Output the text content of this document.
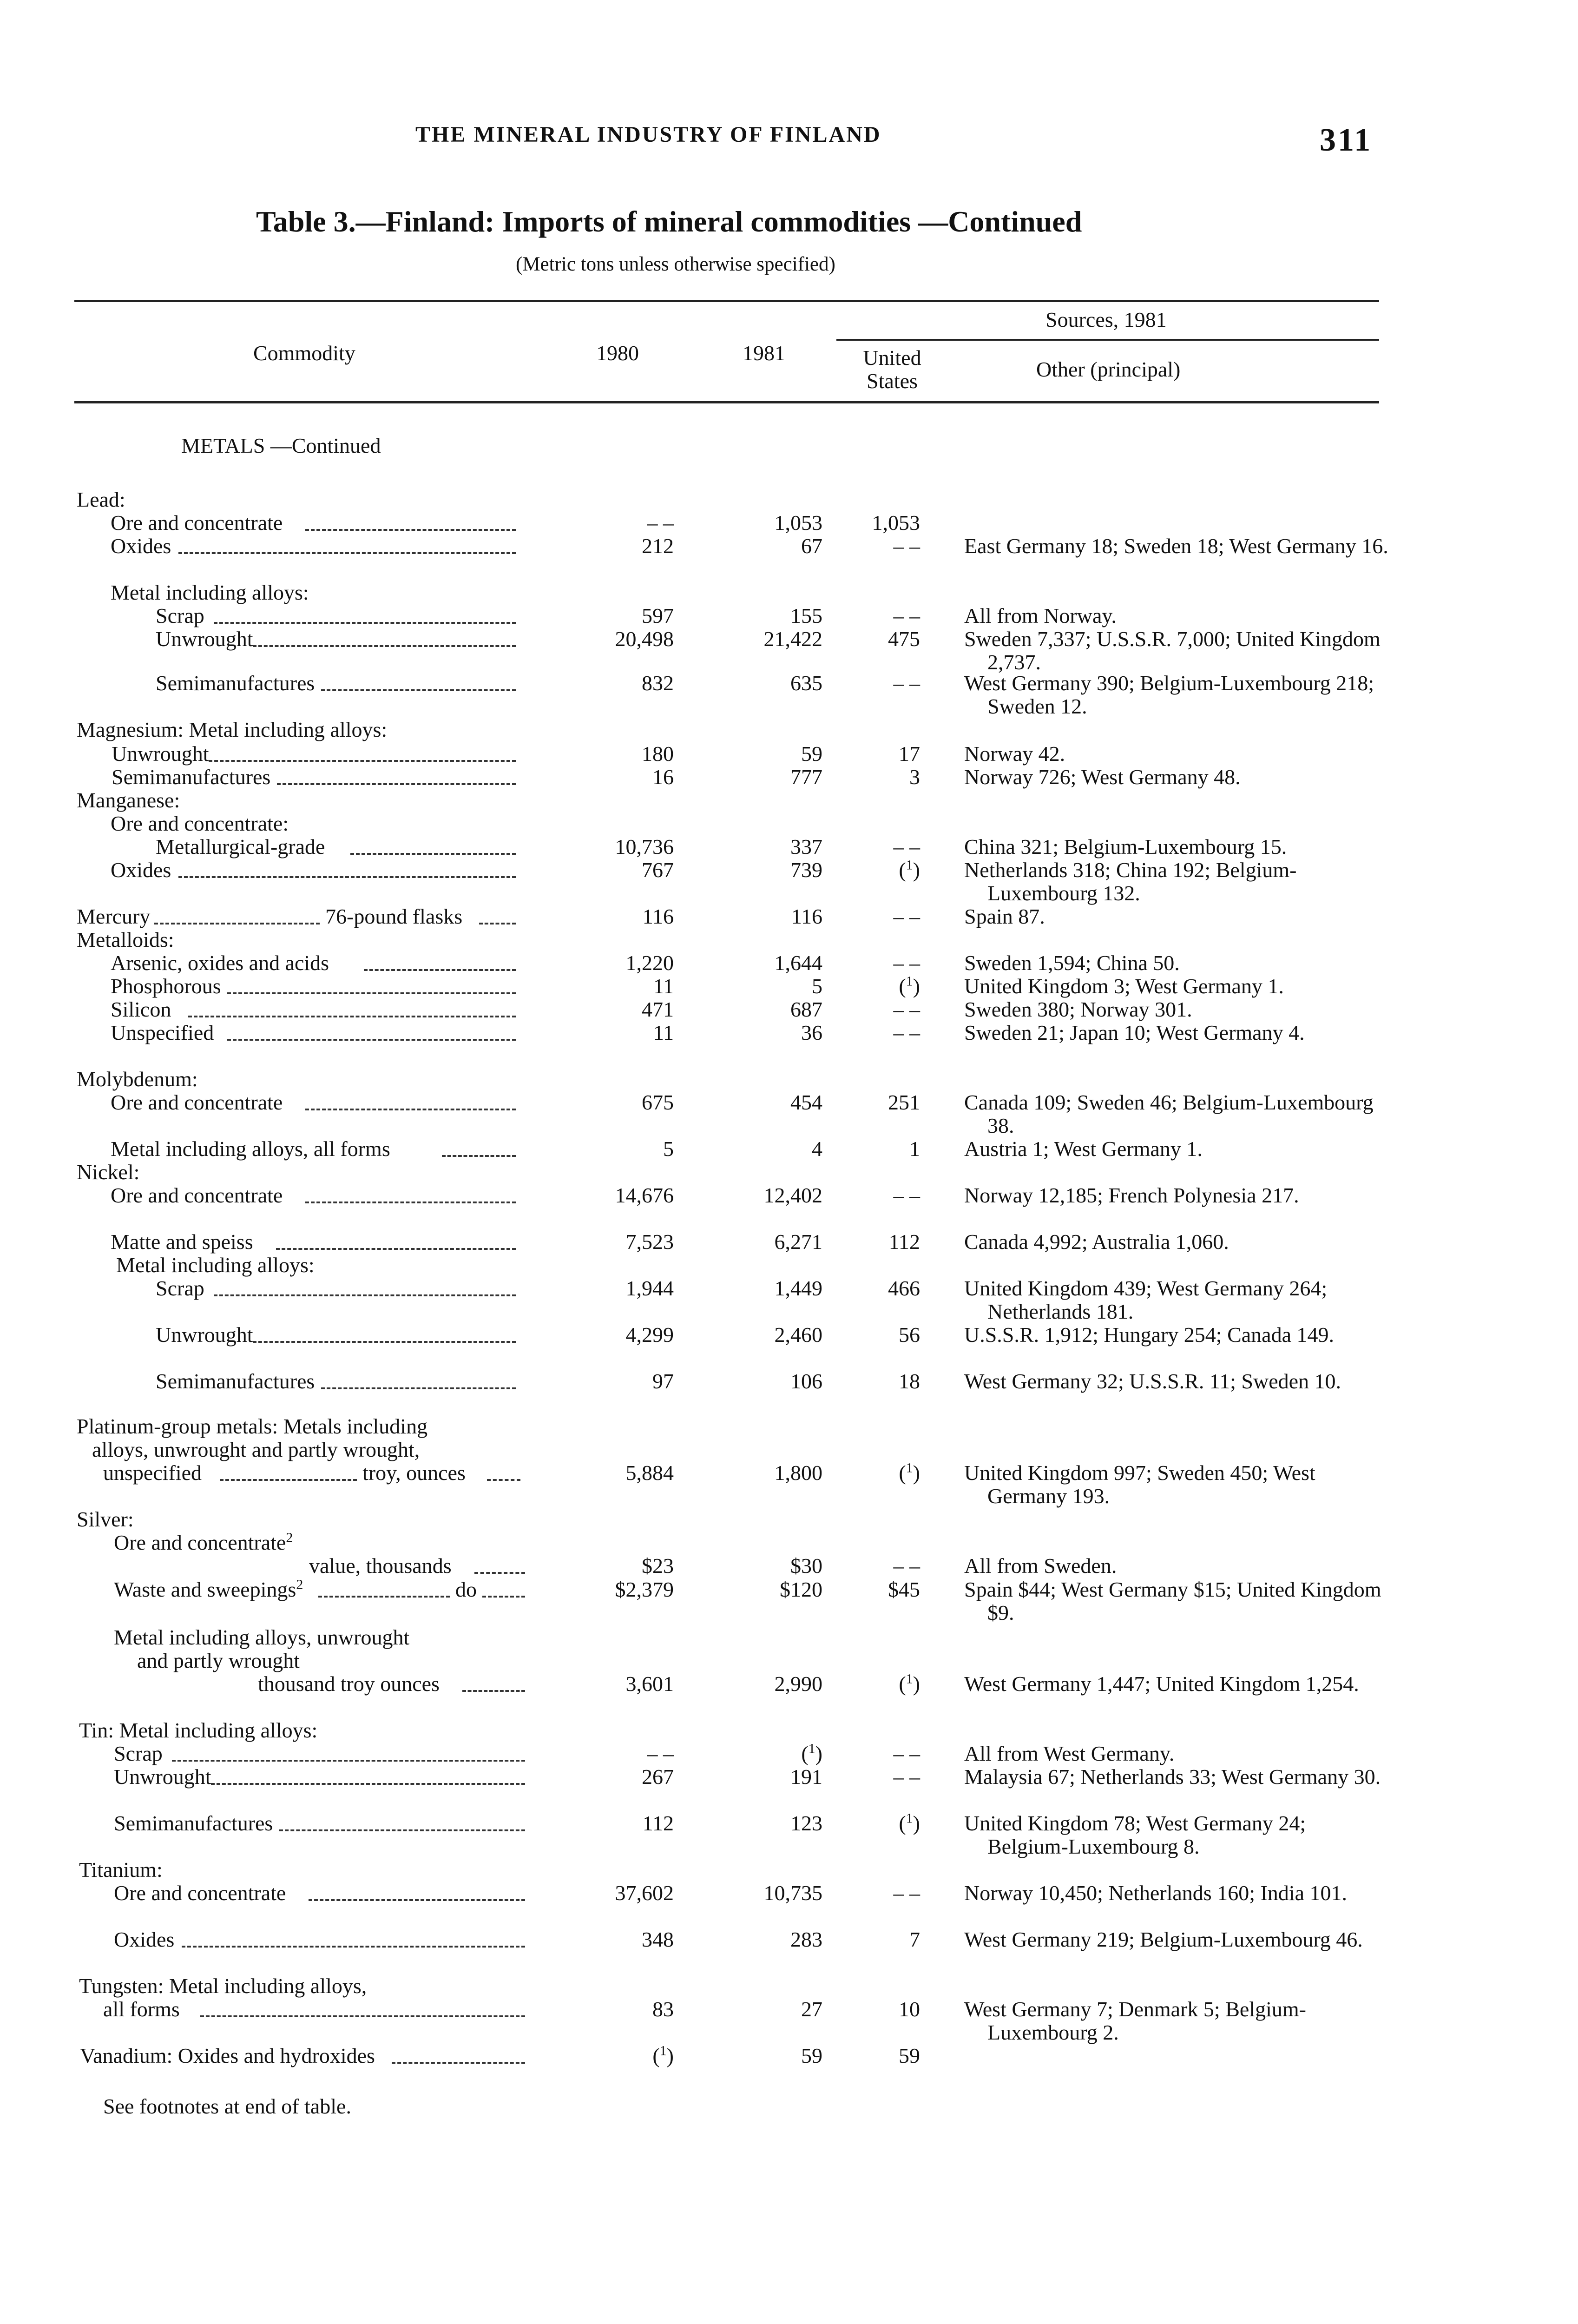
THE MINERAL INDUSTRY OF FINLAND	311
Table 3.—Finland: Imports of mineral commodities —Continued
(Metric tons unless otherwise specified)
Commodity	1980	1981
Sources, 1981
United States	Other (principal)
METALS —Continued
Lead:
Ore and concentrate	– –	1,053	1,053
Oxides	212	67	– – East Germany 18; Sweden 18; West Germany 16.
Metal including alloys:
Scrap	597	155	– – All from Norway.
Unwrought	20,498	21,422	475 Sweden 7,337; U.S.S.R. 7,000; United Kingdom 2,737.
Semimanufactures	832	635	– – West Germany 390; Belgium-Luxembourg 218; Sweden 12.
Magnesium: Metal including alloys:
Unwrought	180	59	17 Norway 42.
Semimanufactures	16	777	3 Norway 726; West Germany 48.
Manganese:
Ore and concentrate:
Metallurgical-grade	10,736	337	– – China 321; Belgium-Luxembourg 15.
Oxides	767	739	($^1$) Netherlands 318; China 192; Belgium-Luxembourg 132.
Mercury	76-pound flasks	116	116	– – Spain 87.
Metalloids:
Arsenic, oxides and acids	1,220	1,644	– – Sweden 1,594; China 50.
Phosphorous	11	5	($^1$) United Kingdom 3; West Germany 1.
Silicon	471	687	– – Sweden 380; Norway 301.
Unspecified	11	36	– – Sweden 21; Japan 10; West Germany 4.
Molybdenum:
Ore and concentrate	675	454	251 Canada 109; Sweden 46; Belgium-Luxembourg 38.
Metal including alloys, all forms	5	4	1 Austria 1; West Germany 1.
Nickel:
Ore and concentrate	14,676	12,402	– – Norway 12,185; French Polynesia 217.
Matte and speiss	7,523	6,271	112 Canada 4,992; Australia 1,060.
Metal including alloys:
Scrap	1,944	1,449	466 United Kingdom 439; West Germany 264; Netherlands 181.
Unwrought	4,299	2,460	56 U.S.S.R. 1,912; Hungary 254; Canada 149.
Semimanufactures	97	106	18 West Germany 32; U.S.S.R. 11; Sweden 10.
Platinum-group metals: Metals including
alloys, unwrought and partly wrought,
unspecified	troy, ounces	5,884	1,800	($^1$) United Kingdom 997; Sweden 450; West Germany 193.
Silver:
Ore and concentrate$^2$
value, thousands	$23	$30	– – All from Sweden.
Waste and sweepings$^2$	do	$2,379	$120	$45 Spain $44; West Germany $15; United Kingdom $9.
Metal including alloys, unwrought
and partly wrought
thousand troy ounces	3,601	2,990	($^1$) West Germany 1,447; United Kingdom 1,254.
Tin: Metal including alloys:
Scrap	– –	($^1$)	– – All from West Germany.
Unwrought	267	191	– – Malaysia 67; Netherlands 33; West Germany 30.
Semimanufactures	112	123	($^1$) United Kingdom 78; West Germany 24; Belgium-Luxembourg 8.
Titanium:
Ore and concentrate	37,602	10,735	– – Norway 10,450; Netherlands 160; India 101.
Oxides	348	283	7 West Germany 219; Belgium-Luxembourg 46.
Tungsten: Metal including alloys,
all forms	83	27	10 West Germany 7; Denmark 5; Belgium-Luxembourg 2.
Vanadium: Oxides and hydroxides	($^1$)	59	59
See footnotes at end of table.
